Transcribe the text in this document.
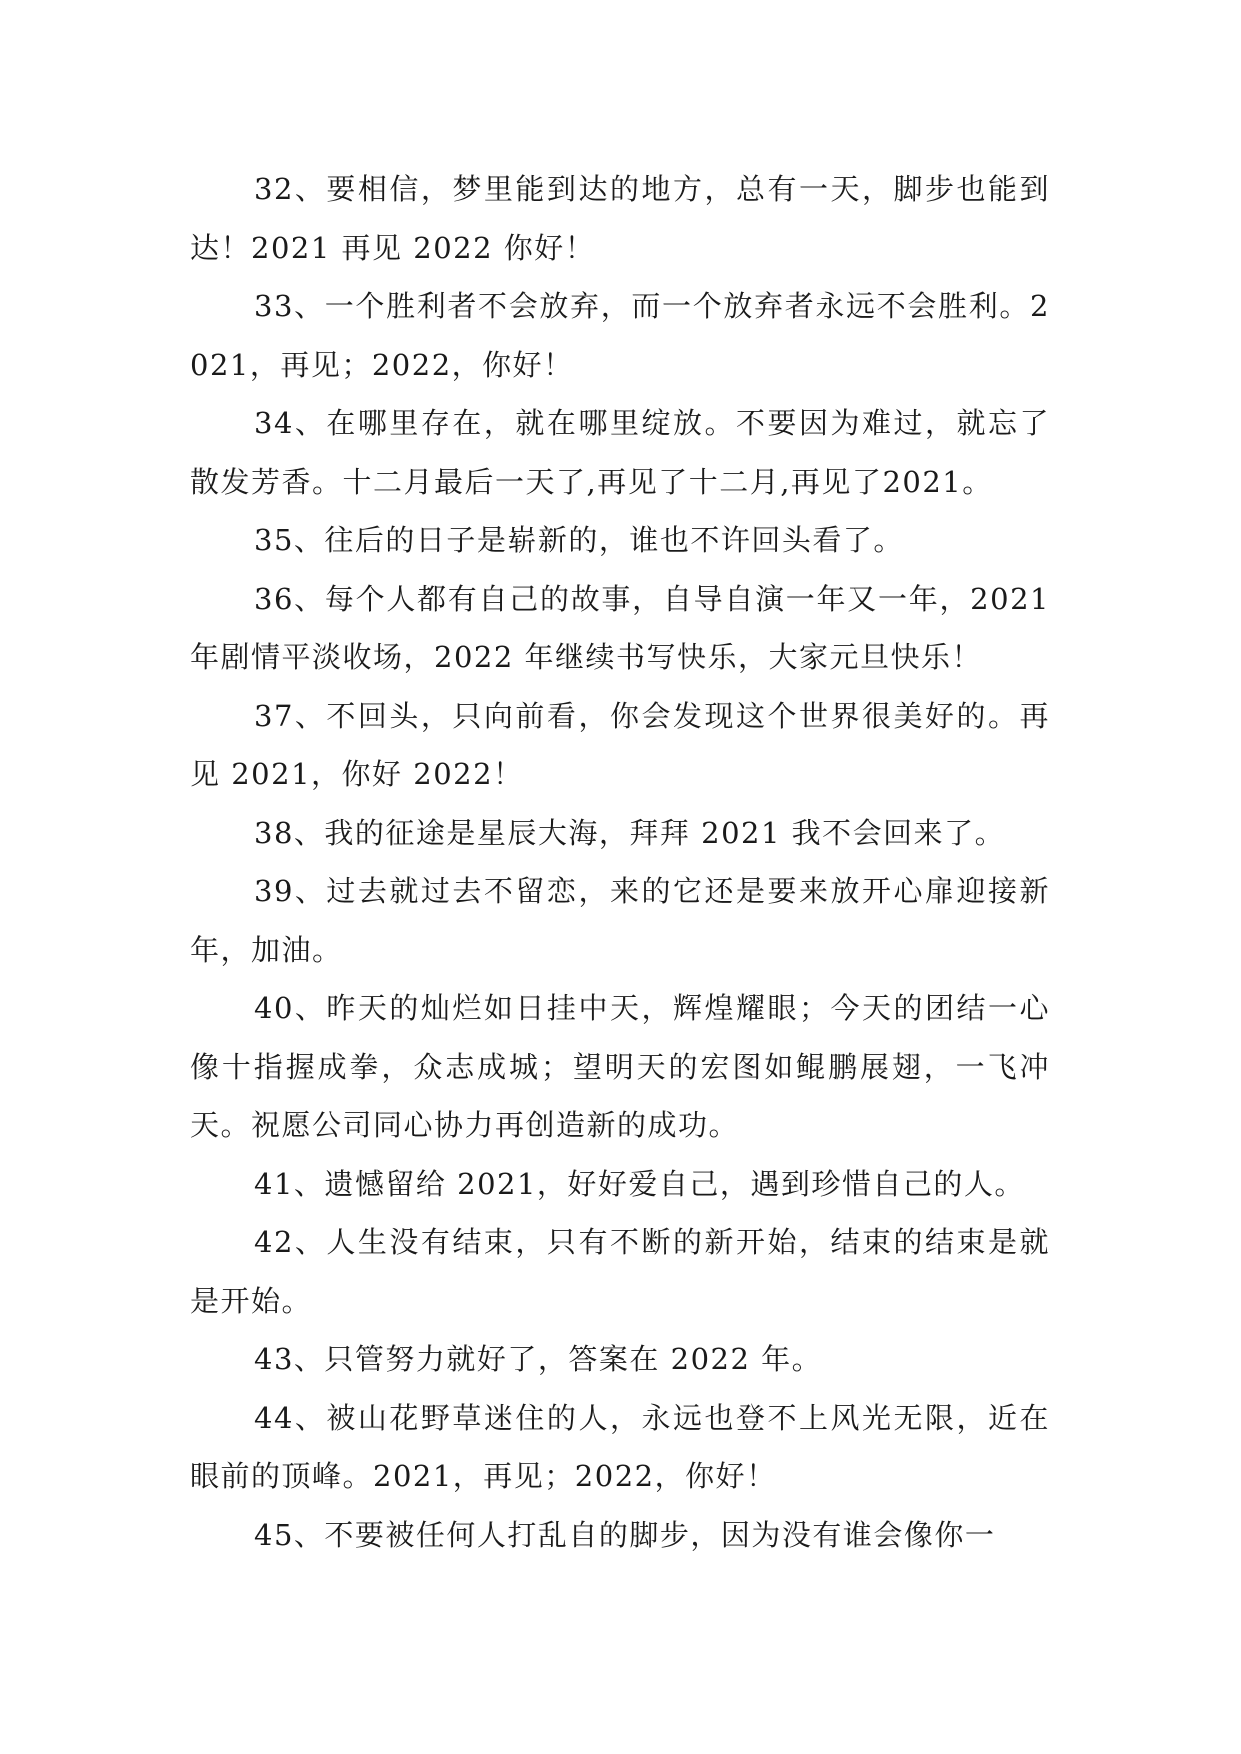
32、要相信，梦里能到达的地方，总有一天，脚步也能到达！2021 再见 2022 你好！

33、一个胜利者不会放弃，而一个放弃者永远不会胜利。2021，再见；2022，你好！

34、在哪里存在，就在哪里绽放。不要因为难过，就忘了散发芳香。十二月最后一天了,再见了十二月,再见了2021。

35、往后的日子是崭新的，谁也不许回头看了。

36、每个人都有自己的故事，自导自演一年又一年，2021年剧情平淡收场，2022 年继续书写快乐，大家元旦快乐！

37、不回头，只向前看，你会发现这个世界很美好的。再见 2021，你好 2022！

38、我的征途是星辰大海，拜拜 2021 我不会回来了。

39、过去就过去不留恋，来的它还是要来放开心扉迎接新年，加油。

40、昨天的灿烂如日挂中天，辉煌耀眼；今天的团结一心像十指握成拳，众志成城；望明天的宏图如鲲鹏展翅，一飞冲天。祝愿公司同心协力再创造新的成功。

41、遗憾留给 2021，好好爱自己，遇到珍惜自己的人。

42、人生没有结束，只有不断的新开始，结束的结束是就是开始。

43、只管努力就好了，答案在 2022 年。

44、被山花野草迷住的人，永远也登不上风光无限，近在眼前的顶峰。2021，再见；2022，你好！

45、不要被任何人打乱自的脚步，因为没有谁会像你一
